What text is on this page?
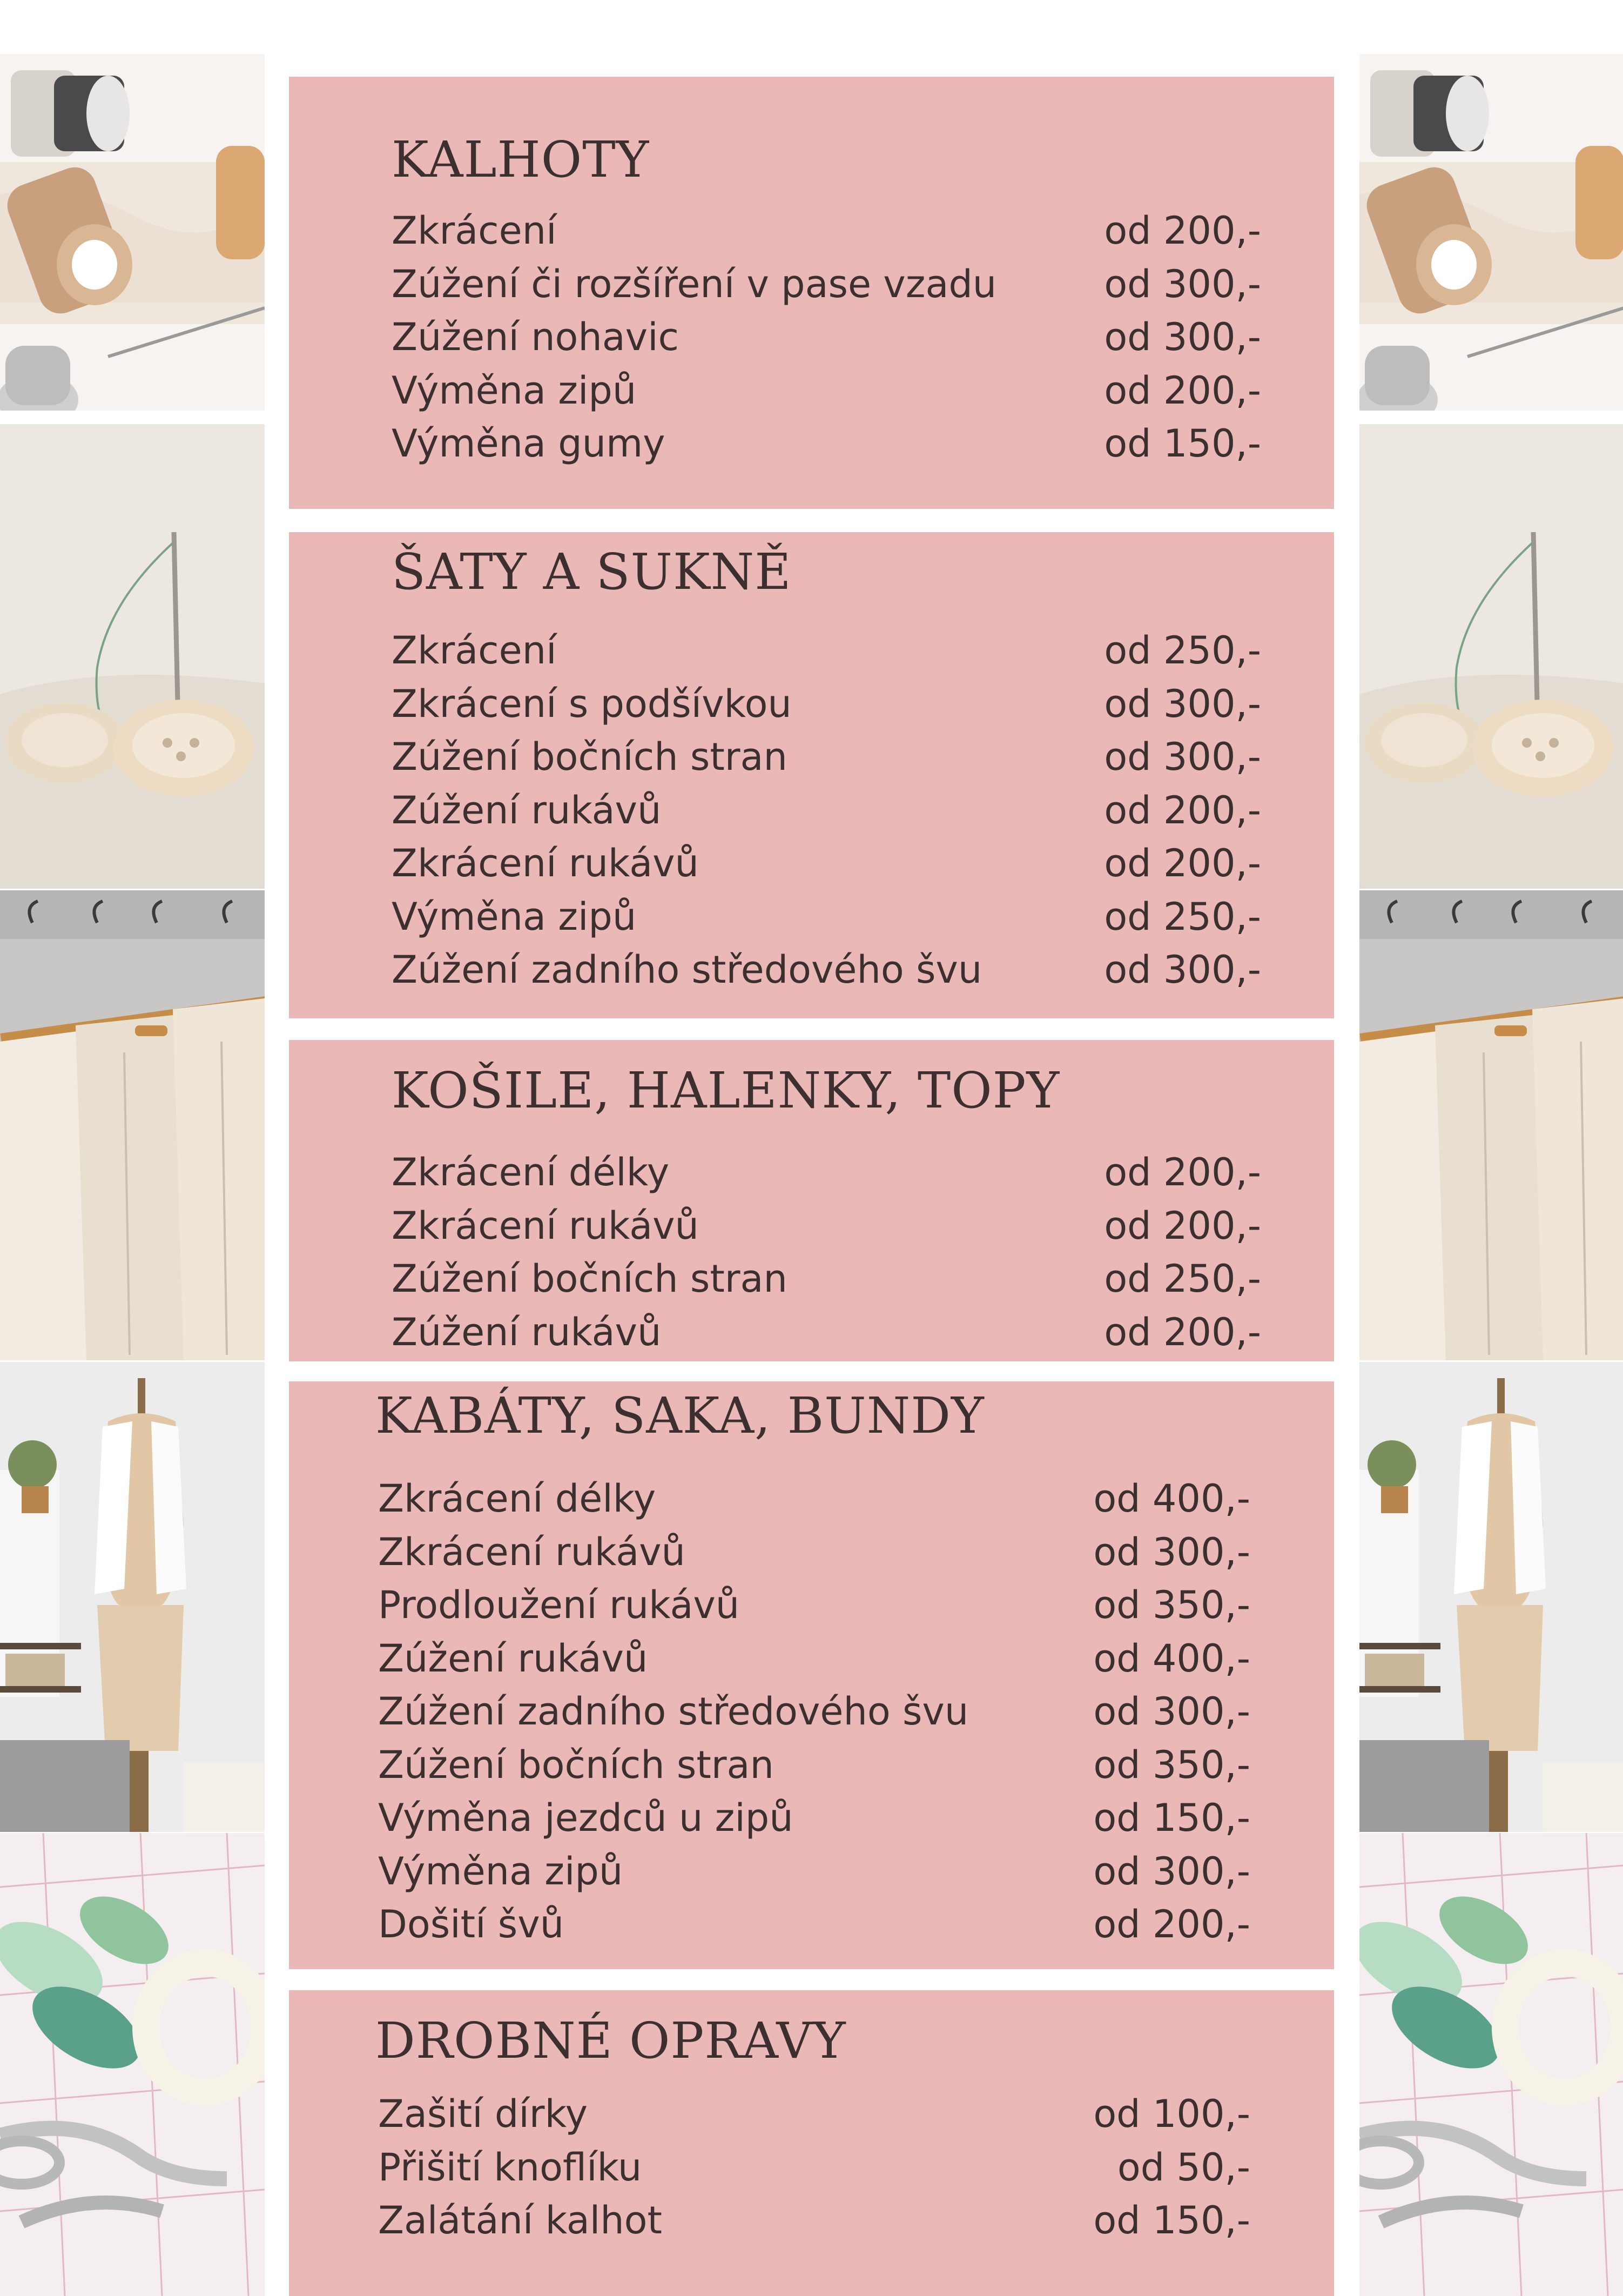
KALHOTY
Zkrácení	od 200,-
Zúžení či rozšíření v pase vzadu	od 300,-
Zúžení nohavic	od 300,-
Výměna zipů	od 200,-
Výměna gumy	od 150,-
ŠATY A SUKNĚ
Zkrácení	od 250,-
Zkrácení s podšívkou	od 300,-
Zúžení bočních stran	od 300,-
Zúžení rukávů	od 200,-
Zkrácení rukávů	od 200,-
Výměna zipů	od 250,-
Zúžení zadního středového švu	od 300,-
KOŠILE, HALENKY, TOPY
Zkrácení délky	od 200,-
Zkrácení rukávů	od 200,-
Zúžení bočních stran	od 250,-
Zúžení rukávů	od 200,-
KABÁTY, SAKA, BUNDY
Zkrácení délky	od 400,-
Zkrácení rukávů	od 300,-
Prodloužení rukávů	od 350,-
Zúžení rukávů	od 400,-
Zúžení zadního středového švu	od 300,-
Zúžení bočních stran	od 350,-
Výměna jezdců u zipů	od 150,-
Výměna zipů	od 300,-
Došití švů	od 200,-
DROBNÉ OPRAVY
Zašití dírky	od 100,-
Přišití knoflíku	od 50,-
Zalátání kalhot	od 150,-
